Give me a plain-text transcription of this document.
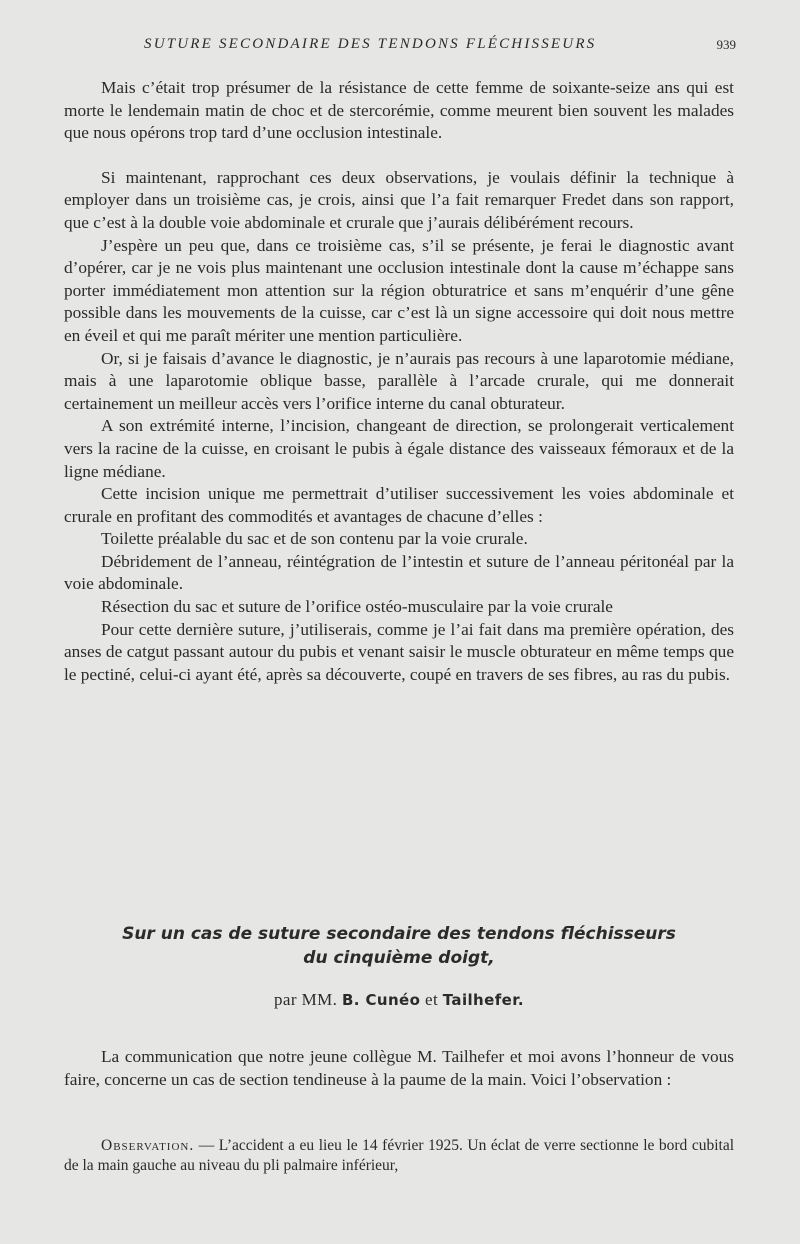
SUTURE SECONDAIRE DES TENDONS FLÉCHISSEURS	939

Mais c’était trop présumer de la résistance de cette femme de soixante-seize ans qui est morte le lendemain matin de choc et de stercorémie, comme meurent bien souvent les malades que nous opérons trop tard d’une occlusion intestinale.

Si maintenant, rapprochant ces deux observations, je voulais définir la technique à employer dans un troisième cas, je crois, ainsi que l’a fait remarquer Fredet dans son rapport, que c’est à la double voie abdominale et crurale que j’aurais délibérément recours.

J’espère un peu que, dans ce troisième cas, s’il se présente, je ferai le diagnostic avant d’opérer, car je ne vois plus maintenant une occlusion intestinale dont la cause m’échappe sans porter immédiatement mon attention sur la région obturatrice et sans m’enquérir d’une gêne possible dans les mouvements de la cuisse, car c’est là un signe accessoire qui doit nous mettre en éveil et qui me paraît mériter une mention particulière.

Or, si je faisais d’avance le diagnostic, je n’aurais pas recours à une laparotomie médiane, mais à une laparotomie oblique basse, parallèle à l’arcade crurale, qui me donnerait certainement un meilleur accès vers l’orifice interne du canal obturateur.

A son extrémité interne, l’incision, changeant de direction, se prolongerait verticalement vers la racine de la cuisse, en croisant le pubis à égale distance des vaisseaux fémoraux et de la ligne médiane.

Cette incision unique me permettrait d’utiliser successivement les voies abdominale et crurale en profitant des commodités et avantages de chacune d’elles :

Toilette préalable du sac et de son contenu par la voie crurale.

Débridement de l’anneau, réintégration de l’intestin et suture de l’anneau péritonéal par la voie abdominale.

Résection du sac et suture de l’orifice ostéo-musculaire par la voie crurale

Pour cette dernière suture, j’utiliserais, comme je l’ai fait dans ma première opération, des anses de catgut passant autour du pubis et venant saisir le muscle obturateur en même temps que le pectiné, celui-ci ayant été, après sa découverte, coupé en travers de ses fibres, au ras du pubis.

Sur un cas de suture secondaire des tendons fléchisseurs
du cinquième doigt,
par MM. B. Cunéo et Tailhefer.

La communication que notre jeune collègue M. Tailhefer et moi avons l’honneur de vous faire, concerne un cas de section tendineuse à la paume de la main. Voici l’observation :

Observation. — L’accident a eu lieu le 14 février 1925. Un éclat de verre sectionne le bord cubital de la main gauche au niveau du pli palmaire inférieur,
